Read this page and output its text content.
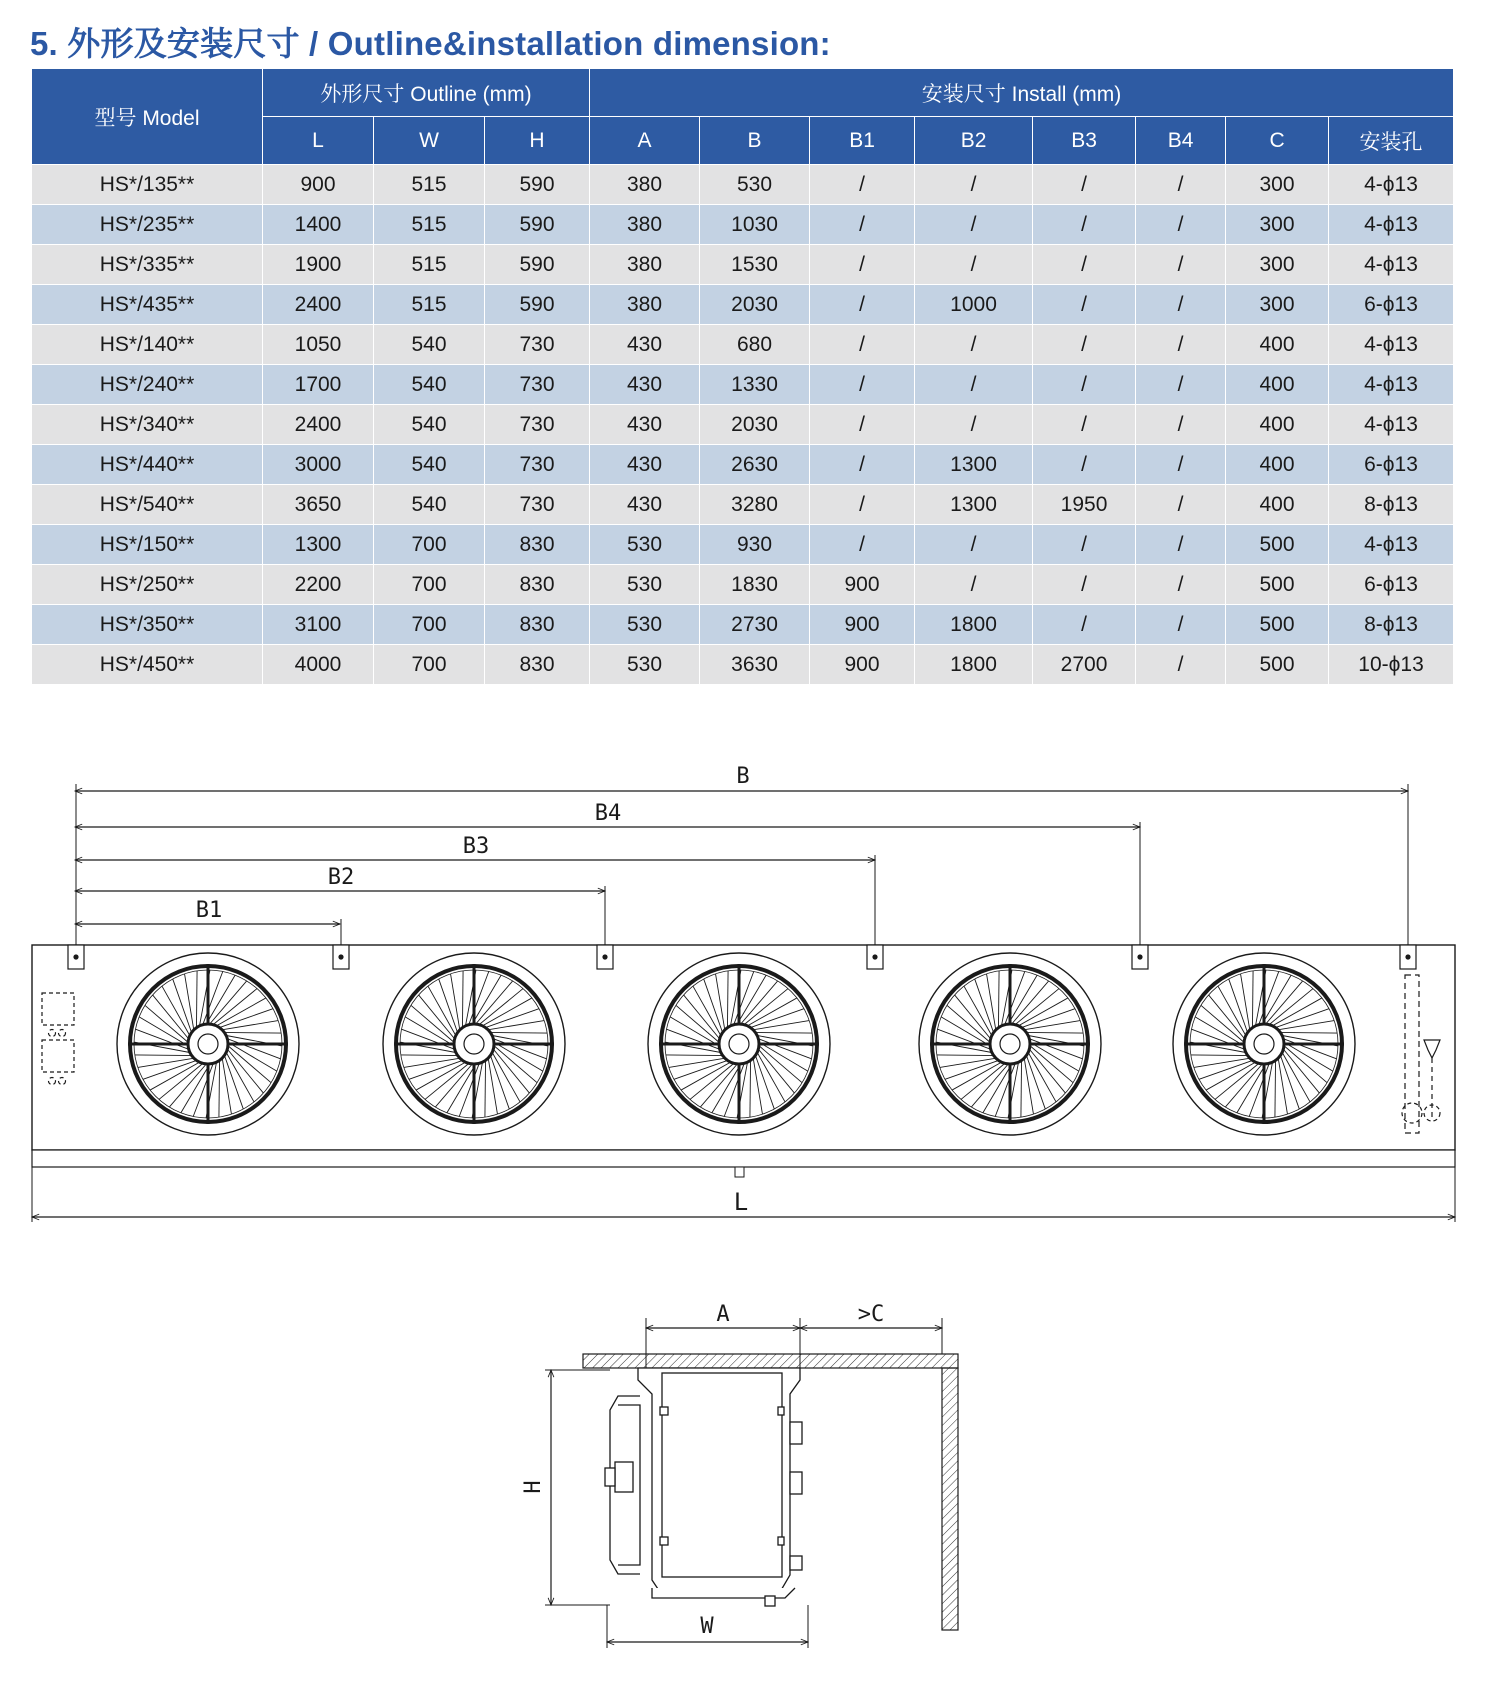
5. 外形及安装尺寸 / Outline&installation dimension:
型号 Model	外形尺寸 Outline (mm)			安装尺寸 Install (mm)							
	L	W	H	A	B	B1	B2	B3	B4	C	安装孔
HS*/135**	900	515	590	380	530	/	/	/	/	300	4-ϕ13
HS*/235**	1400	515	590	380	1030	/	/	/	/	300	4-ϕ13
HS*/335**	1900	515	590	380	1530	/	/	/	/	300	4-ϕ13
HS*/435**	2400	515	590	380	2030	/	1000	/	/	300	6-ϕ13
HS*/140**	1050	540	730	430	680	/	/	/	/	400	4-ϕ13
HS*/240**	1700	540	730	430	1330	/	/	/	/	400	4-ϕ13
HS*/340**	2400	540	730	430	2030	/	/	/	/	400	4-ϕ13
HS*/440**	3000	540	730	430	2630	/	1300	/	/	400	6-ϕ13
HS*/540**	3650	540	730	430	3280	/	1300	1950	/	400	8-ϕ13
HS*/150**	1300	700	830	530	930	/	/	/	/	500	4-ϕ13
HS*/250**	2200	700	830	530	1830	900	/	/	/	500	6-ϕ13
HS*/350**	3100	700	830	530	2730	900	1800	/	/	500	8-ϕ13
HS*/450**	4000	700	830	530	3630	900	1800	2700	/	500	10-ϕ13
B
B4
B3
B2
B1
L
A	>C
H
W
